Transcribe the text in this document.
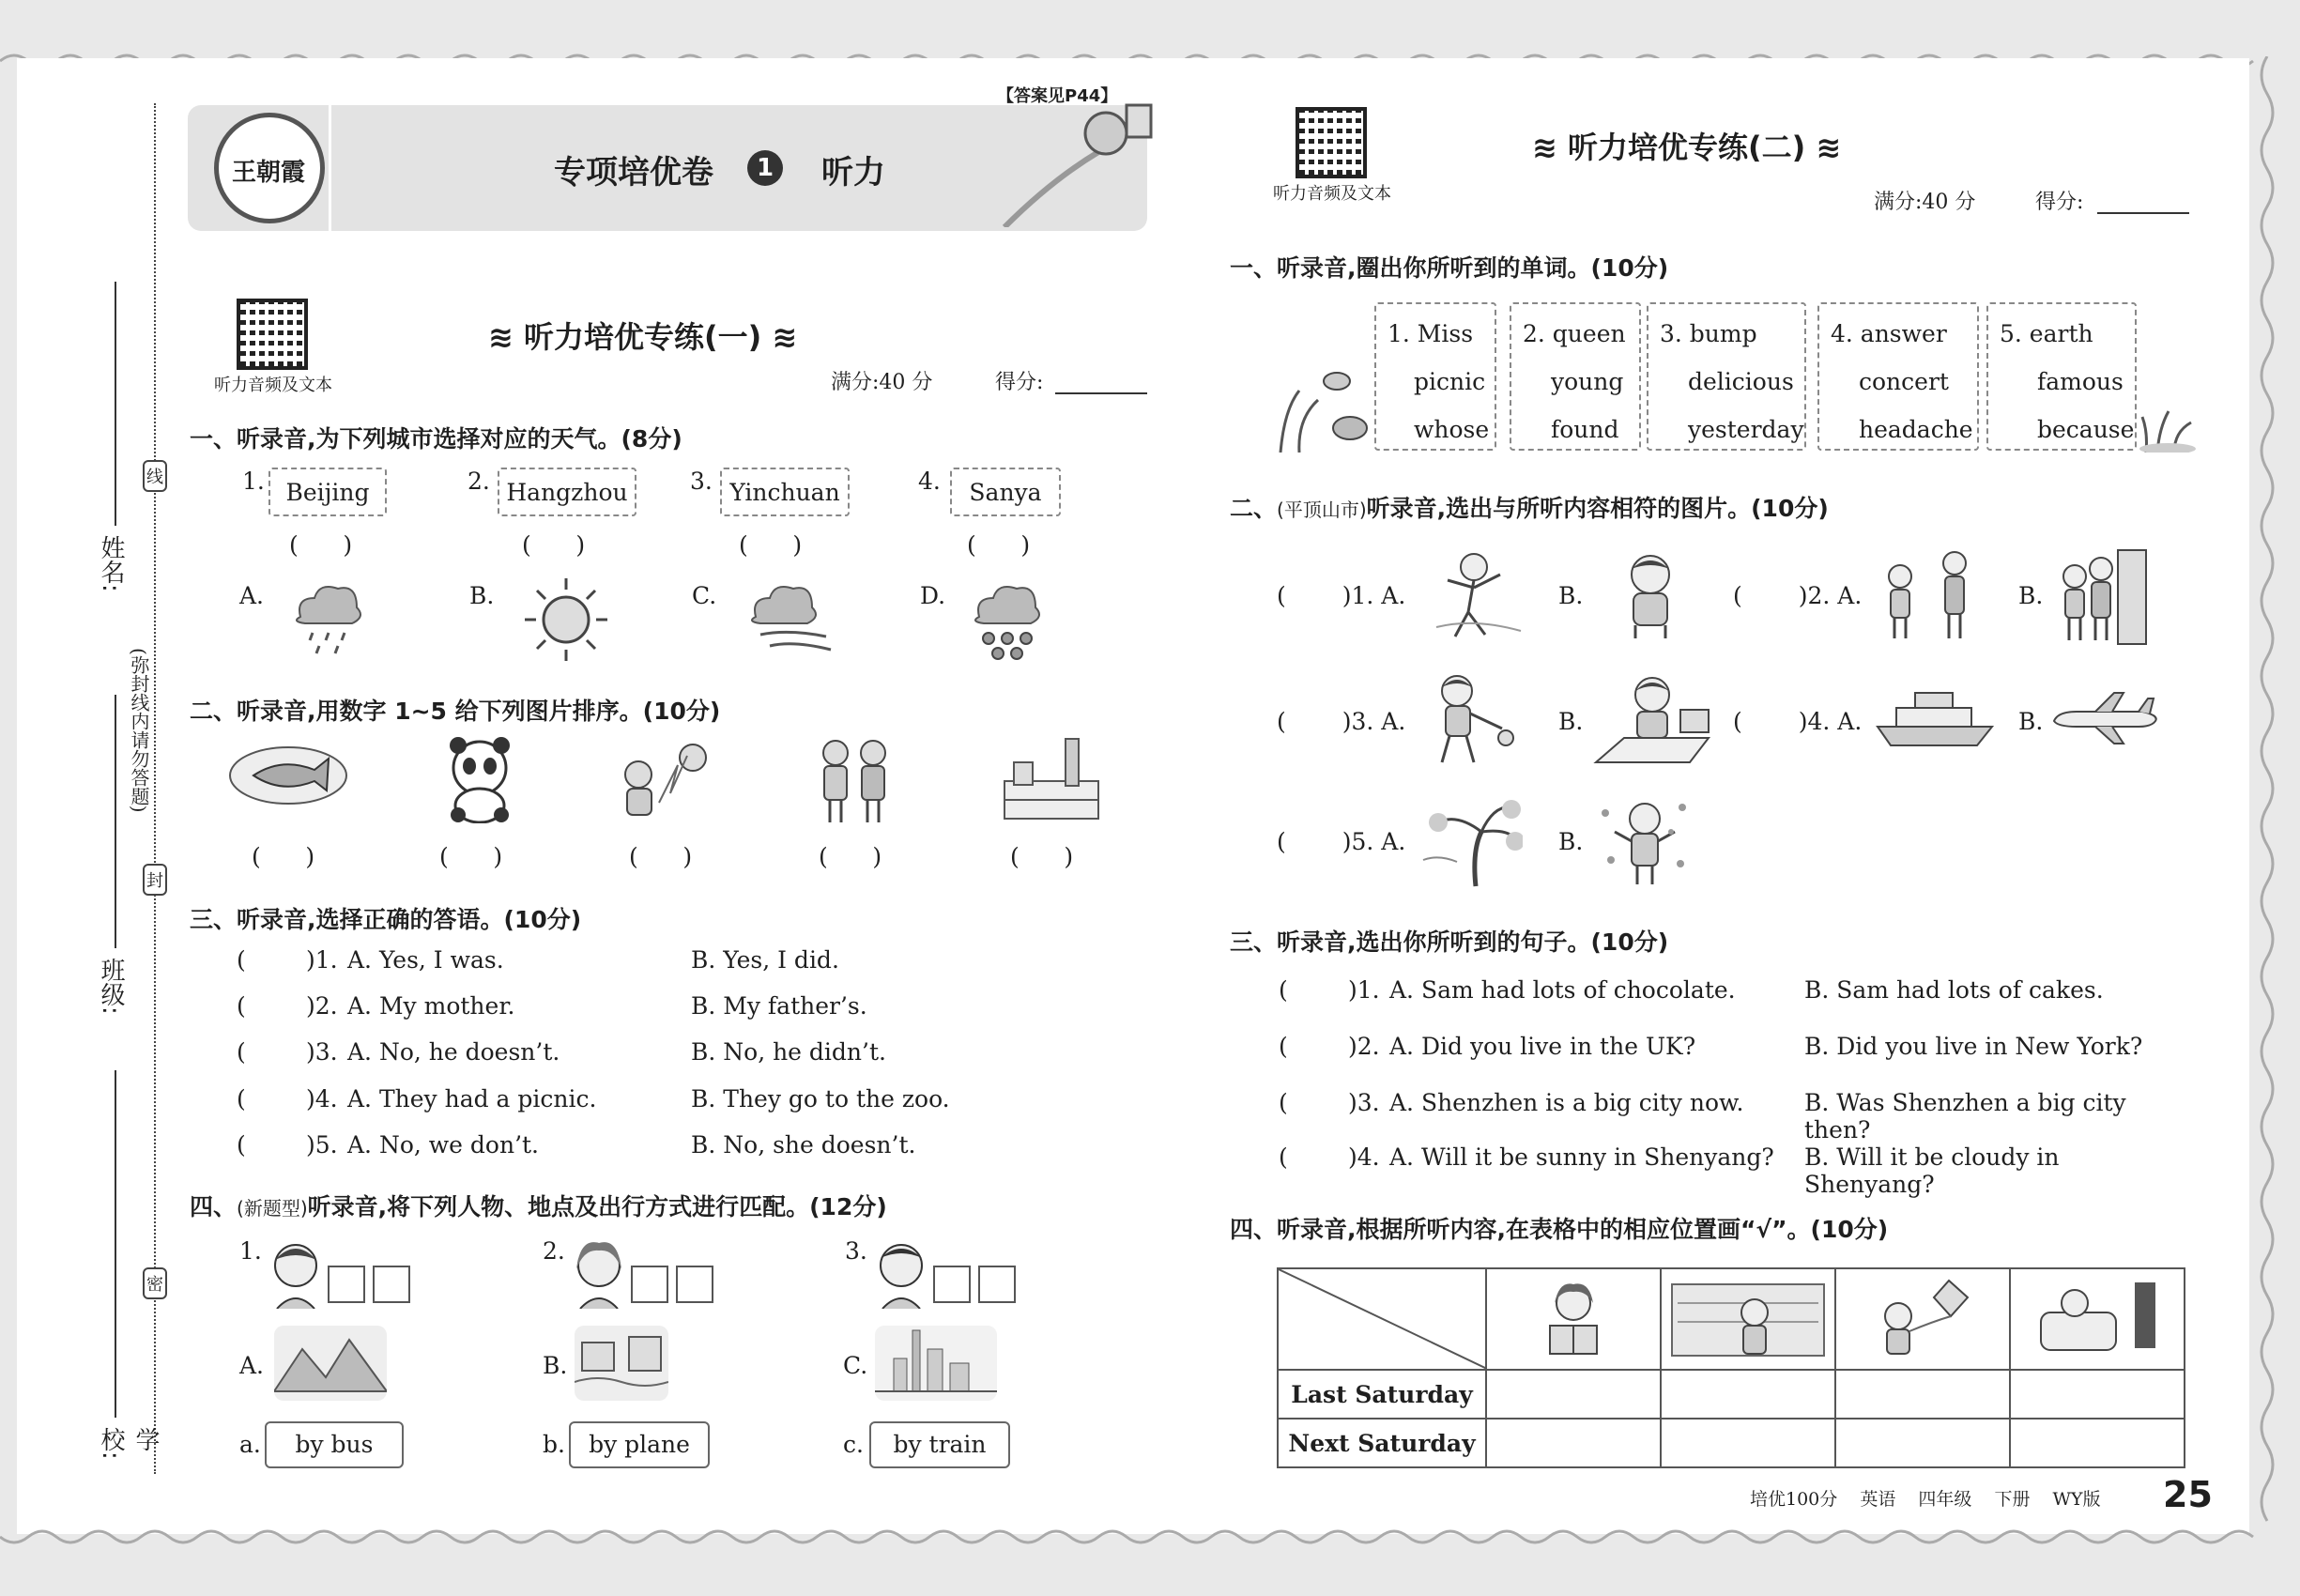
姓名:
(弥封线内请勿答题)
班级:
学校:
线
封
密
王朝霞	专项培优卷	1 听力
【答案见P44】
听力音频及文本
≋ 听力培优专练(一) ≋
满分:40 分	得分:
一、听录音,为下列城市选择对应的天气。(8分)
1. Beijing
(      )
2. Hangzhou
(      )
3. Yinchuan
(      )
4.	Sanya
(      )
A.	B.	C.	D.
二、听录音,用数字 1~5 给下列图片排序。(10分)
(      )	(      )	(      )	(      )	(      )
三、听录音,选择正确的答语。(10分)
(	)1. A. Yes, I was.	B. Yes, I did.
(	)2. A. My mother.	B. My father’s.
(	)3. A. No, he doesn’t.	B. No, he didn’t.
(	)4. A. They had a picnic.	B. They go to the zoo.
(	)5. A. No, we don’t.	B. No, she doesn’t.
四、(新题型)听录音,将下列人物、地点及出行方式进行匹配。(12分)
1.	2.	3.
A.	B.	C.
a.	by bus	b.	by plane	c.	by train
听力音频及文本
≋ 听力培优专练(二) ≋
满分:40 分	得分:
一、听录音,圈出你所听到的单词。(10分)
1. Miss
picnic
whose
2. queen
young
found
3. bump
delicious
yesterday
4. answer
concert
headache
5. earth
famous
because
二、(平顶山市)听录音,选出与所听内容相符的图片。(10分)
( )1. A.	B.	( )2. A.	B.
( )3. A.	B.	( )4. A.	B.
( )5. A.	B.
三、听录音,选出你所听到的句子。(10分)
(	)1. A. Sam had lots of chocolate.	B. Sam had lots of cakes.
(	)2. A. Did you live in the UK?	B. Did you live in New York?
(	)3. A. Shenzhen is a big city now.	B. Was Shenzhen a big city then?
(	)4. A. Will it be sunny in Shenyang? B. Will it be cloudy in Shenyang?
四、听录音,根据所听内容,在表格中的相应位置画“√”。(10分)

Last Saturday				
Next Saturday				
培优100分 英语 四年级 下册 WY版 25
